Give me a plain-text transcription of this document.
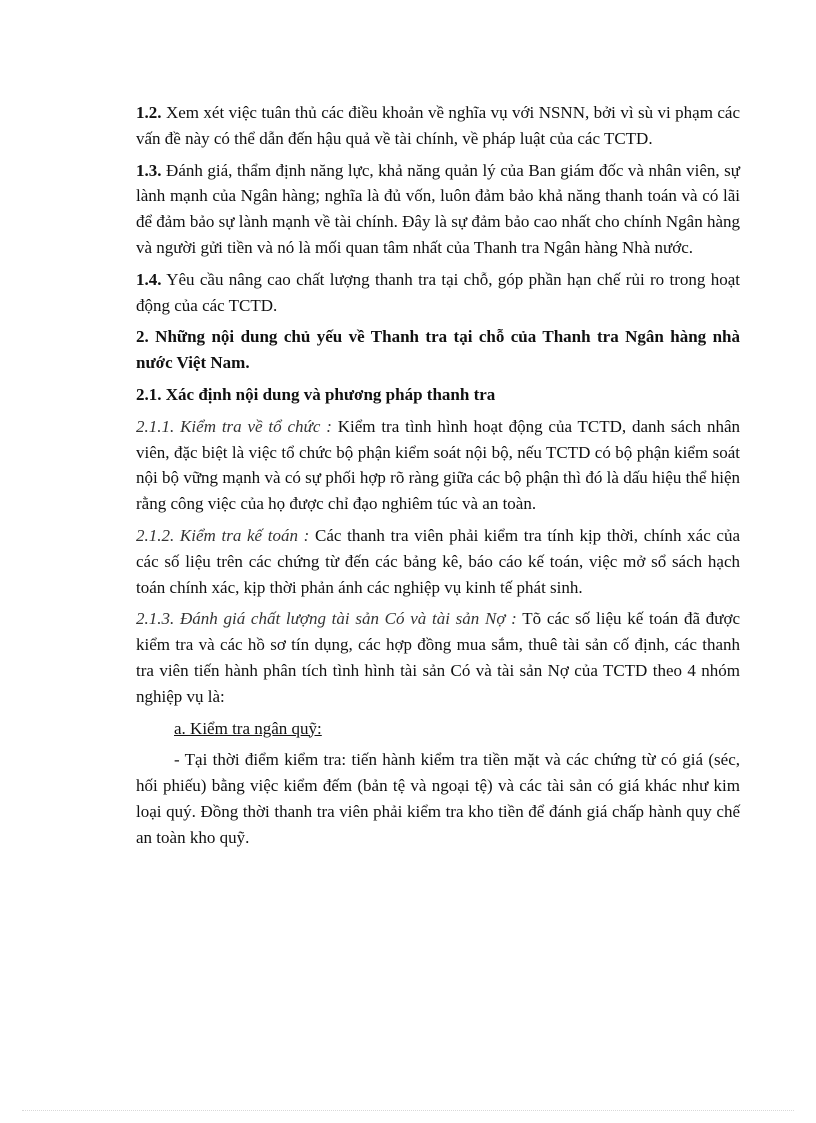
1.2. Xem xét việc tuân thủ các điều khoản về nghĩa vụ với NSNN, bởi vì sù vi phạm các vấn đề này có thể dẫn đến hậu quả về tài chính, về pháp luật của các TCTD.

1.3. Đánh giá, thẩm định năng lực, khả năng quản lý của Ban giám đốc và nhân viên, sự lành mạnh của Ngân hàng; nghĩa là đủ vốn, luôn đảm bảo khả năng thanh toán và có lãi để đảm bảo sự lành mạnh về tài chính. Đây là sự đảm bảo cao nhất cho chính Ngân hàng và người gửi tiền và nó là mối quan tâm nhất của Thanh tra Ngân hàng Nhà nước.

1.4. Yêu cầu nâng cao chất lượng thanh tra tại chỗ, góp phần hạn chế rủi ro trong hoạt động của các TCTD.

2. Những nội dung chủ yếu về Thanh tra tại chỗ của Thanh tra Ngân hàng nhà nước Việt Nam.

2.1. Xác định nội dung và phương pháp thanh tra

2.1.1. Kiểm tra về tổ chức : Kiểm tra tình hình hoạt động của TCTD, danh sách nhân viên, đặc biệt là việc tổ chức bộ phận kiểm soát nội bộ, nếu TCTD có bộ phận kiểm soát nội bộ vững mạnh và có sự phối hợp rõ ràng giữa các bộ phận thì đó là dấu hiệu thể hiện rằng công việc của họ được chỉ đạo nghiêm túc và an toàn.

2.1.2. Kiểm tra kế toán : Các thanh tra viên phải kiểm tra tính kịp thời, chính xác của các số liệu trên các chứng từ đến các bảng kê, báo cáo kế toán, việc mở sổ sách hạch toán chính xác, kịp thời phản ánh các nghiệp vụ kinh tế phát sinh.

2.1.3. Đánh giá chất lượng tài sản Có và tài sản Nợ : Tõ các số liệu kế toán đã được kiểm tra và các hồ sơ tín dụng, các hợp đồng mua sắm, thuê tài sản cố định, các thanh tra viên tiến hành phân tích tình hình tài sản Có và tài sản Nợ của TCTD theo 4 nhóm nghiệp vụ là:

a. Kiểm tra ngân quỹ:

- Tại thời điểm kiểm tra: tiến hành kiểm tra tiền mặt và các chứng từ có giá (séc, hối phiếu) bằng việc kiểm đếm (bản tệ và ngoại tệ) và các tài sản có giá khác như kim loại quý. Đồng thời thanh tra viên phải kiểm tra kho tiền để đánh giá chấp hành quy chế an toàn kho quỹ.
